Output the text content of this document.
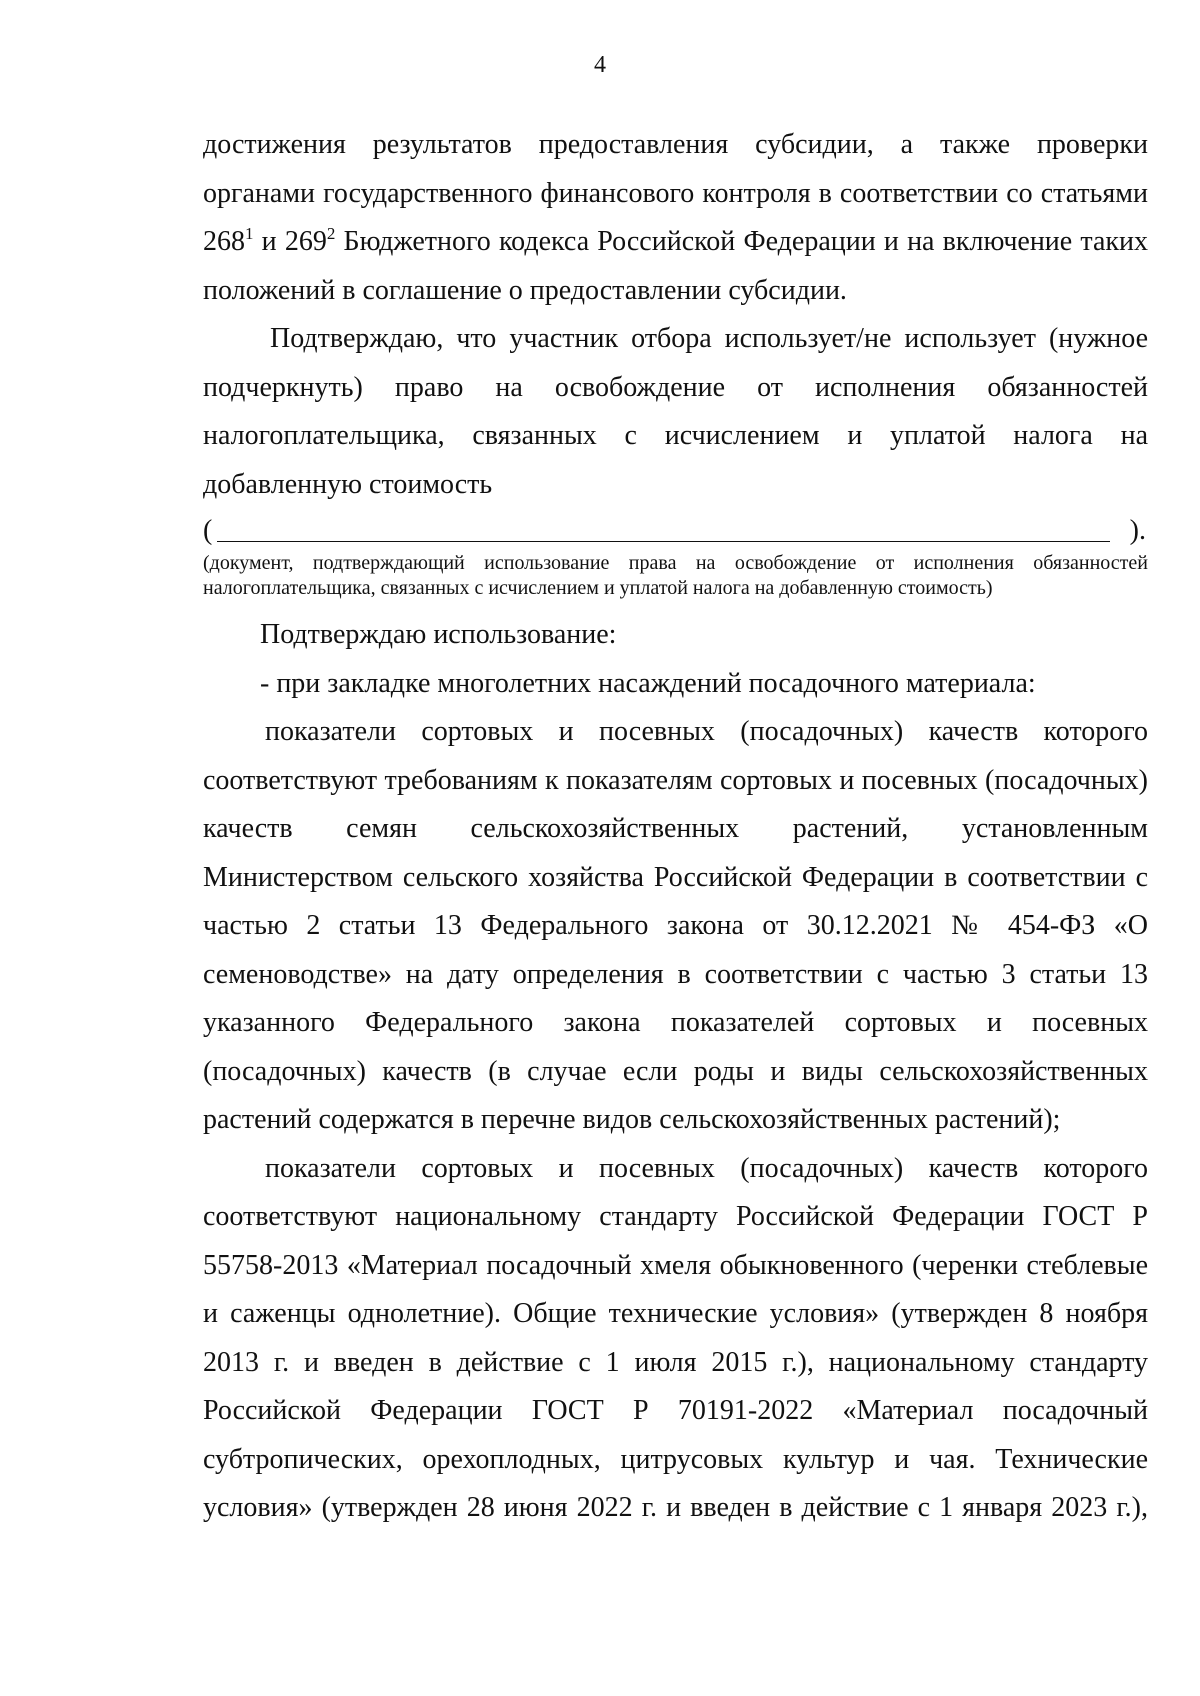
4
достижения результатов предоставления субсидии, а также проверки
органами государственного финансового контроля в соответствии со статьями
$268^1$ и $269^2$ Бюджетного кодекса Российской Федерации и на включение таких
положений в соглашение о предоставлении субсидии.
Подтверждаю, что участник отбора использует/не использует (нужное
подчеркнуть) право на освобождение от исполнения обязанностей
налогоплательщика, связанных с исчислением и уплатой налога на
добавленную стоимость
(	).
(документ, подтверждающий использование права на освобождение от исполнения обязанностей
налогоплательщика, связанных с исчислением и уплатой налога на добавленную стоимость)
Подтверждаю использование:
- при закладке многолетних насаждений посадочного материала:
показатели сортовых и посевных (посадочных) качеств которого
соответствуют требованиям к показателям сортовых и посевных (посадочных)
качеств семян сельскохозяйственных растений, установленным
Министерством сельского хозяйства Российской Федерации в соответствии с
частью 2 статьи 13 Федерального закона от 30.12.2021 № 454-ФЗ «О
семеноводстве» на дату определения в соответствии с частью 3 статьи 13
указанного Федерального закона показателей сортовых и посевных
(посадочных) качеств (в случае если роды и виды сельскохозяйственных
растений содержатся в перечне видов сельскохозяйственных растений);
показатели сортовых и посевных (посадочных) качеств которого
соответствуют национальному стандарту Российской Федерации ГОСТ Р
55758-2013 «Материал посадочный хмеля обыкновенного (черенки стеблевые
и саженцы однолетние). Общие технические условия» (утвержден 8 ноября
2013 г. и введен в действие с 1 июля 2015 г.), национальному стандарту
Российской Федерации ГОСТ Р 70191-2022 «Материал посадочный
субтропических, орехоплодных, цитрусовых культур и чая. Технические
условия» (утвержден 28 июня 2022 г. и введен в действие с 1 января 2023 г.),
